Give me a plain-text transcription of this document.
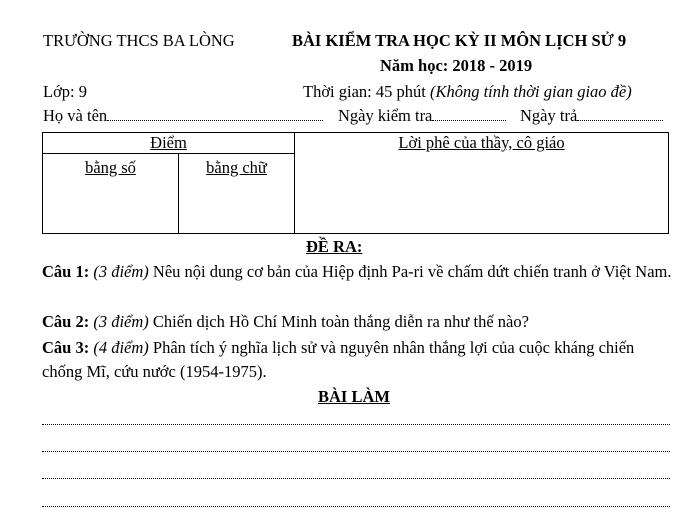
TRƯỜNG THCS BA LÒNG	BÀI KIỂM TRA HỌC KỲ II MÔN LỊCH SỬ 9
Năm học: 2018 - 2019
Lớp: 9	Thời gian: 45 phút (Không tính thời gian giao đề)
Họ và tên	Ngày kiểm tra	Ngày trả
Điểm		Lời phê của thầy, cô giáo
bằng số	bằng chữ	
ĐỀ RA:
Câu 1: (3 điểm) Nêu nội dung cơ bản của Hiệp định Pa-ri về chấm dứt chiến tranh ở Việt Nam.
Câu 2: (3 điểm) Chiến dịch Hồ Chí Minh toàn thắng diễn ra như thế nào?
Câu 3: (4 điểm) Phân tích ý nghĩa lịch sử và nguyên nhân thắng lợi của cuộc kháng chiến chống Mĩ, cứu nước (1954-1975).
BÀI LÀM
